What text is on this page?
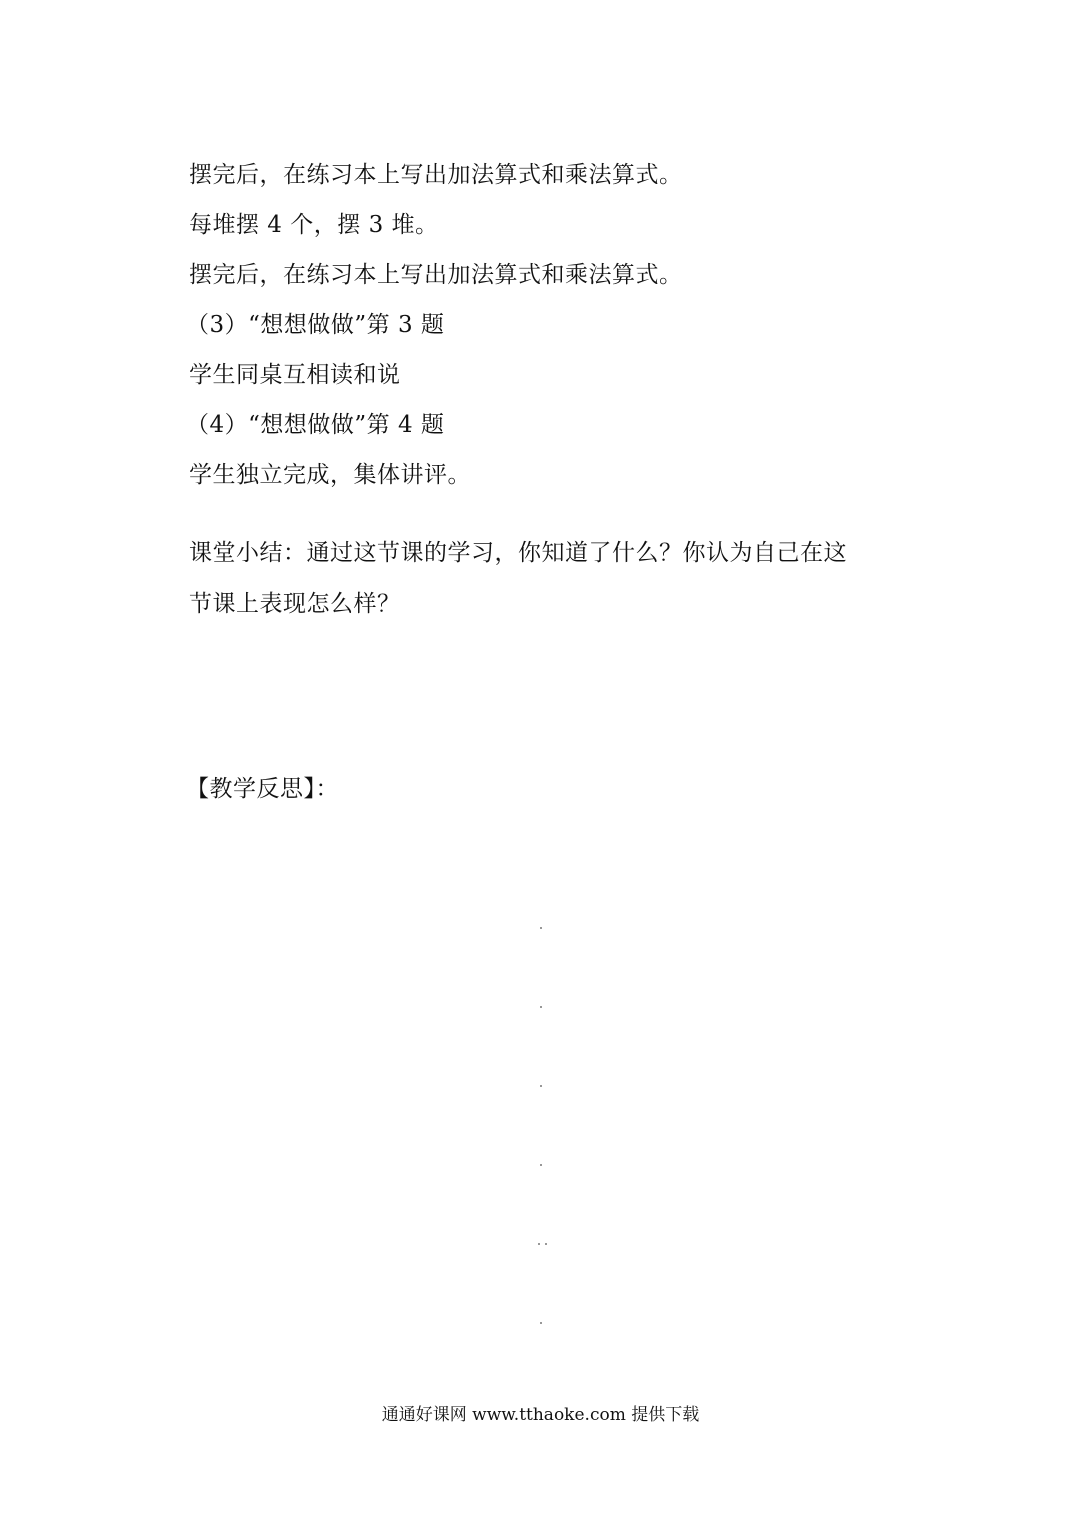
摆完后，在练习本上写出加法算式和乘法算式。
每堆摆 4 个，摆 3 堆。
摆完后，在练习本上写出加法算式和乘法算式。
（3）“想想做做”第 3 题
学生同桌互相读和说
（4）“想想做做”第 4 题
学生独立完成，集体讲评。
课堂小结：通过这节课的学习，你知道了什么？你认为自己在这
节课上表现怎么样？
【教学反思】：
通通好课网 www.tthaoke.com 提供下载
